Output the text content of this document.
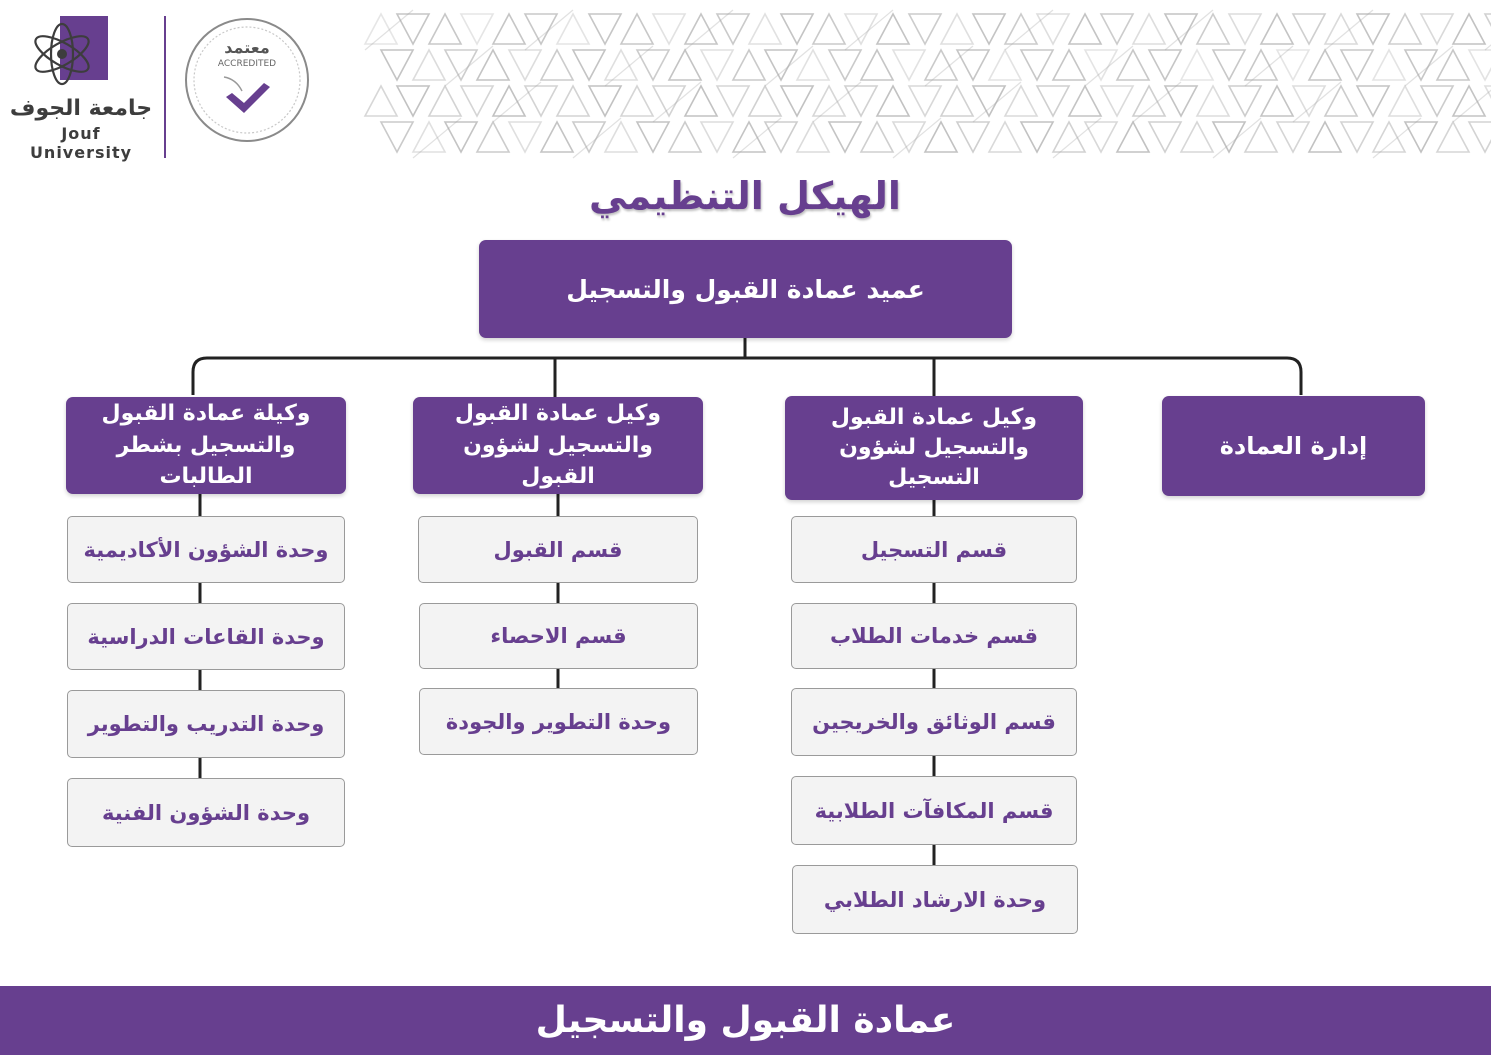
جامعة الجوف
Jouf University
معتمد
ACCREDITED
الهيكل التنظيمي
عميد عمادة القبول والتسجيل
إدارة العمادة
وكيل عمادة القبول والتسجيل لشؤون التسجيل
وكيل عمادة القبول والتسجيل لشؤون القبول
وكيلة عمادة القبول والتسجيل بشطر الطالبات
قسم التسجيل
قسم خدمات الطلاب
قسم الوثائق والخريجين
قسم المكافآت الطلابية
وحدة الارشاد الطلابي
قسم القبول
قسم الاحصاء
وحدة التطوير والجودة
وحدة الشؤون الأكاديمية
وحدة القاعات الدراسية
وحدة التدريب والتطوير
وحدة الشؤون الفنية
عمادة القبول والتسجيل
